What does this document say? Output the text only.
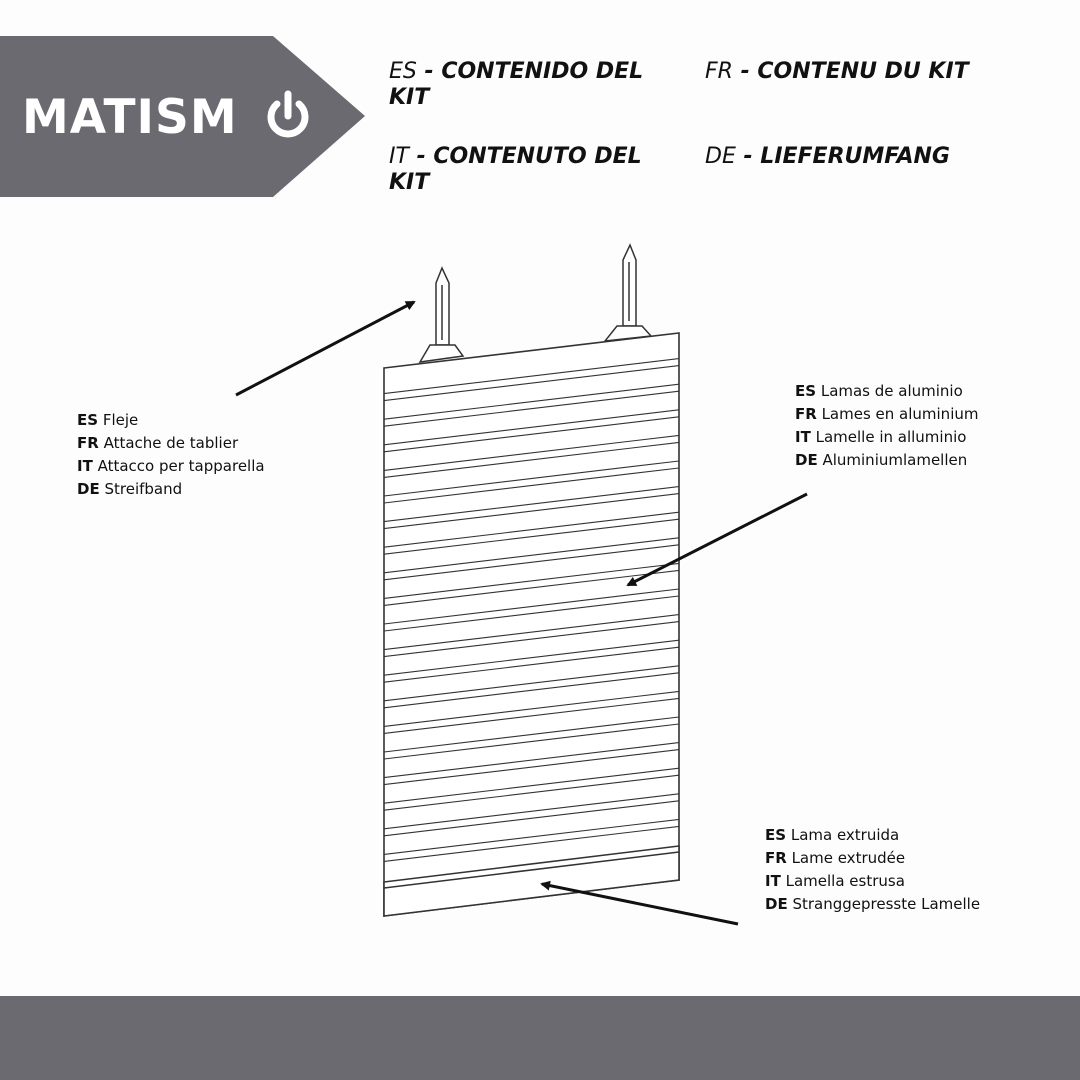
MATISM
ES - CONTENIDO DEL KIT
FR - CONTENU DU KIT
IT - CONTENUTO DEL KIT
DE - LIEFERUMFANG
ES Fleje
FR Attache de tablier
IT Attacco per tapparella
DE Streifband
ES Lamas de aluminio
FR Lames en aluminium
IT Lamelle in alluminio
DE Aluminiumlamellen
ES Lama extruida
FR Lame extrudée
IT Lamella estrusa
DE Stranggepresste Lamelle
